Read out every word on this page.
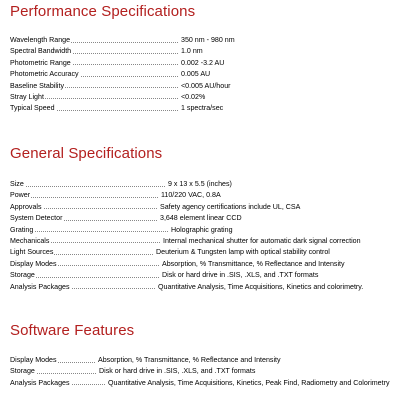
Performance Specifications
Wavelength Range	350 nm - 980 nm
Spectral Bandwidth	1.0 nm
Photometric Range	0.002 -3.2 AU
Photometric Accuracy	0.005 AU
Baseline Stability	<0.005 AU/hour
Stray Light	<0.02%
Typical Speed	1 spectra/sec
General Specifications
Size	9 x 13 x 5.5 (inches)
Power	110/220 VAC, 0.8A
Approvals	Safety agency certifications include UL, CSA
System Detector	3,648 element linear CCD
Grating	Holographic grating
Mechanicals	Internal mechanical shutter for automatic dark signal correction
Light Sources	Deuterium & Tungsten lamp with optical stability control
Display Modes	Absorption, % Transmittance, % Reflectance and Intensity
Storage	Disk or hard drive in .SIS, .XLS, and .TXT formats
Analysis Packages	Quantitative Analysis, Time Acquisitions, Kinetics and colorimetry.
Software Features
Display Modes	Absorption, % Transmittance, % Reflectance and Intensity
Storage	Disk or hard drive in .SIS, .XLS, and .TXT formats
Analysis Packages	Quantitative Analysis, Time Acquisitions, Kinetics, Peak Find, Radiometry and Colorimetry
